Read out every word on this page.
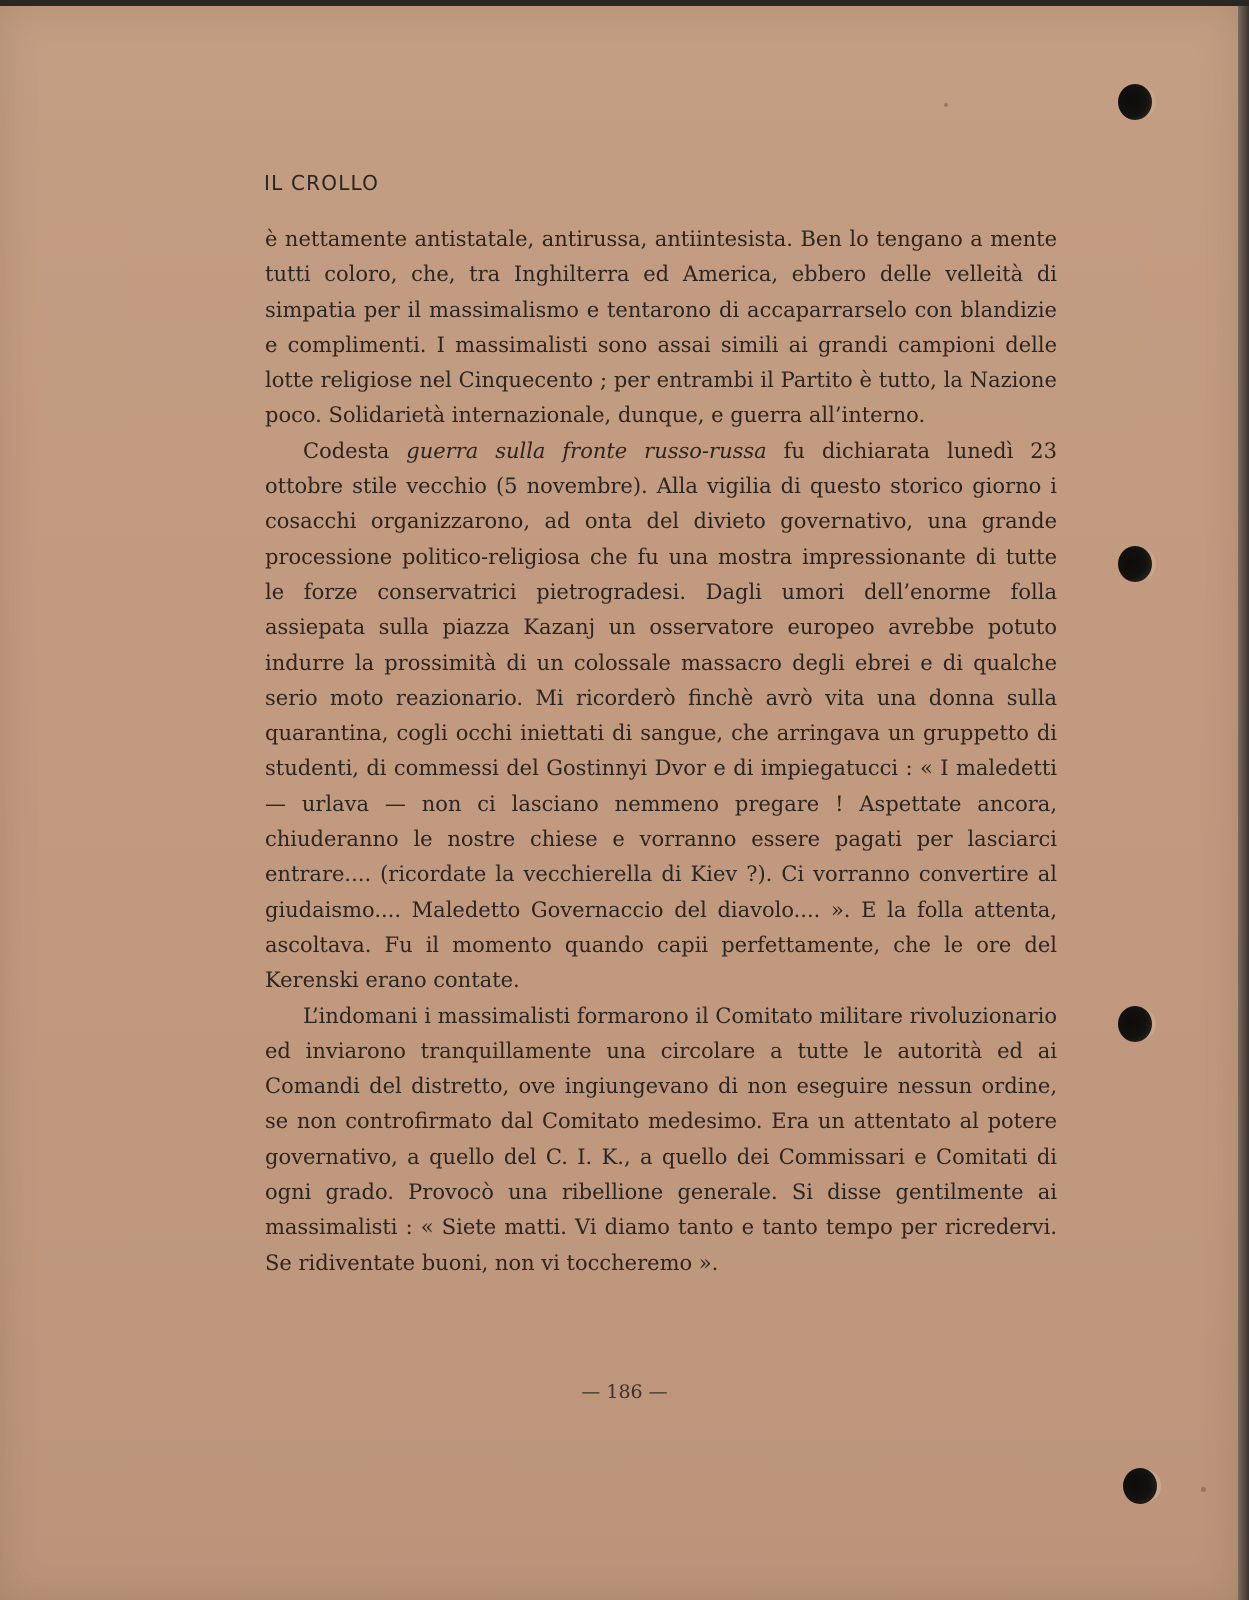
IL CROLLO

è nettamente antistatale, antirussa, antiintesista. Ben lo tengano a mente tutti coloro, che, tra Inghilterra ed America, ebbero delle velleità di simpatia per il massimalismo e tentarono di accaparrarselo con blandizie e complimenti. I massimalisti sono assai simili ai grandi campioni delle lotte religiose nel Cinquecento ; per entrambi il Partito è tutto, la Nazione poco. Solidarietà internazionale, dunque, e guerra all’interno.

Codesta guerra sulla fronte russo-russa fu dichiarata lunedì 23 ottobre stile vecchio (5 novembre). Alla vigilia di questo storico giorno i cosacchi organizzarono, ad onta del divieto governativo, una grande processione politico-religiosa che fu una mostra impressionante di tutte le forze conservatrici pietrogradesi. Dagli umori dell’enorme folla assiepata sulla piazza Kazanj un osservatore europeo avrebbe potuto indurre la prossimità di un colossale massacro degli ebrei e di qualche serio moto reazionario. Mi ricorderò finchè avrò vita una donna sulla quarantina, cogli occhi iniettati di sangue, che arringava un gruppetto di studenti, di commessi del Gostinnyi Dvor e di impiegatucci : « I maledetti — urlava — non ci lasciano nemmeno pregare ! Aspettate ancora, chiuderanno le nostre chiese e vorranno essere pagati per lasciarci entrare.... (ricordate la vecchierella di Kiev ?). Ci vorranno convertire al giudaismo.... Maledetto Governaccio del diavolo.... ». E la folla attenta, ascoltava. Fu il momento quando capii perfettamente, che le ore del Kerenski erano contate.

L’indomani i massimalisti formarono il Comitato militare rivoluzionario ed inviarono tranquillamente una circolare a tutte le autorità ed ai Comandi del distretto, ove ingiungevano di non eseguire nessun ordine, se non controfirmato dal Comitato medesimo. Era un attentato al potere governativo, a quello del C. I. K., a quello dei Commissari e Comitati di ogni grado. Provocò una ribellione generale. Si disse gentilmente ai massimalisti : « Siete matti. Vi diamo tanto e tanto tempo per ricredervi. Se ridiventate buoni, non vi toccheremo ».

— 186 —
